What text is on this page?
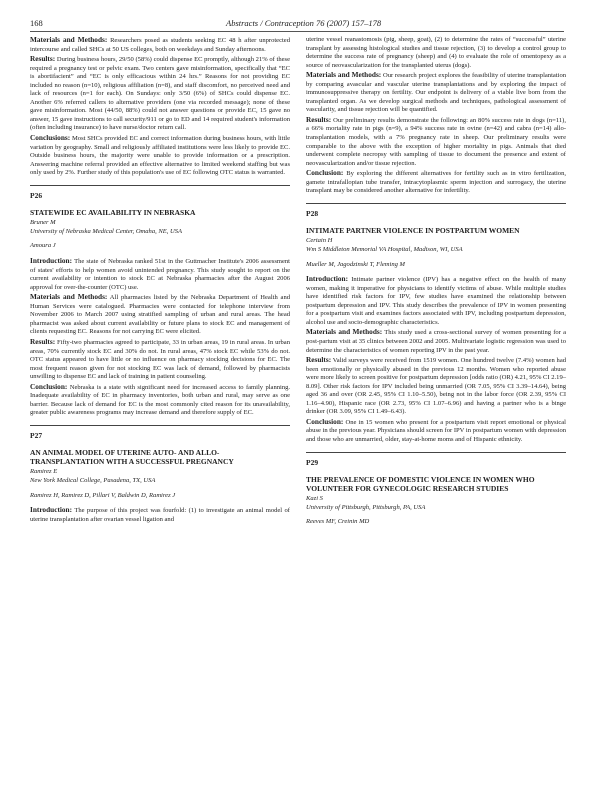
168	Abstracts / Contraception 76 (2007) 157–178

Materials and Methods: Researchers posed as students seeking EC 48 h after unprotected intercourse and called SHCs at 50 US colleges, both on weekdays and Sunday afternoons.

Results: During business hours, 29/50 (58%) could dispense EC promptly, although 21% of these required a pregnancy test or pelvic exam. Two centers gave misinformation, specifically that “EC is abortifacient” and “EC is only efficacious within 24 hrs.” Reasons for not providing EC included no reason (n=10), religious affiliation (n=8), and staff discomfort, no perceived need and lack of resources (n=1 for each). On Sundays: only 3/50 (6%) of SHCs could dispense EC. Another 6% referred callers to alternative providers (one via recorded message); none of these gave misinformation. Most (44/50, 88%) could not answer questions or provide EC, 15 gave no answer, 15 gave instructions to call security/911 or go to ED and 14 required student's information (often including insurance) to have nurse/doctor return call.

Conclusions: Most SHCs provided EC and correct information during business hours, with little variation by geography. Small and religiously affiliated institutions were less likely to provide EC. Outside business hours, the majority were unable to provide information or a prescription. Answering machine referral provided an effective alternative to limited weekend staffing but was only used by 2%. Further study of this population's use of EC following OTC status is warranted.

P26
STATEWIDE EC AVAILABILITY IN NEBRASKA
Bruner M
University of Nebraska Medical Center, Omaha, NE, USA
Amoura J

Introduction: The state of Nebraska ranked 51st in the Guttmacher Institute's 2006 assessment of states' efforts to help women avoid unintended pregnancy. This study sought to report on the current availability or intention to stock EC at Nebraska pharmacies after the August 2006 approval for over-the-counter (OTC) use.

Materials and Methods: All pharmacies listed by the Nebraska Department of Health and Human Services were catalogued. Pharmacies were contacted for telephone interview from November 2006 to March 2007 using stratified sampling of urban and rural areas. The head pharmacist was asked about current availability or future plans to stock EC and management of clients requesting EC. Reasons for not carrying EC were elicited.

Results: Fifty-two pharmacies agreed to participate, 33 in urban areas, 19 in rural areas. In urban areas, 70% currently stock EC and 30% do not. In rural areas, 47% stock EC while 53% do not. OTC status appeared to have little or no influence on pharmacy stocking decisions for EC. The most frequent reason given for not stocking EC was lack of demand, followed by pharmacists unwilling to dispense EC and lack of training in patient counseling.

Conclusion: Nebraska is a state with significant need for increased access to family planning. Inadequate availability of EC in pharmacy inventories, both urban and rural, may serve as one barrier. Because lack of demand for EC is the most commonly cited reason for its unavailability, greater public awareness programs may increase demand and therefore supply of EC.

P27
AN ANIMAL MODEL OF UTERINE AUTO- AND ALLO-TRANSPLANTATION WITH A SUCCESSFUL PREGNANCY
Ramirez E
New York Medical College, Pasadena, TX, USA
Ramirez H, Ramirez D, Pillari V, Baldwin D, Ramirez J

Introduction: The purpose of this project was fourfold: (1) to investigate an animal model of uterine transplantation after ovarian vessel ligation and

uterine vessel reanastomosis (pig, sheep, goat), (2) to determine the rates of “successful” uterine transplant by assessing histological studies and tissue rejection, (3) to develop a control group to determine the success rate of pregnancy (sheep) and (4) to evaluate the role of omentopexy as a source of neovascularization for the transplanted uterus (dogs).

Materials and Methods: Our research project explores the feasibility of uterine transplantation by comparing avascular and vascular uterine transplantations and by exploring the impact of immunosuppressive therapy on fertility. Our endpoint is delivery of a viable live born from the transplanted organ. As we develop surgical methods and techniques, pathological assessment of vascularity, and tissue rejection will be quantified.

Results: Our preliminary results demonstrate the following: an 80% success rate in dogs (n=11), a 66% mortality rate in pigs (n=9), a 94% success rate in ovine (n=42) and cabra (n=14) allo-transplantation models, with a 7% pregnancy rate in sheep. Our preliminary results were comparable to the above with the exception of higher mortality in pigs. Animals that died underwent complete necropsy with sampling of tissue to document the presence and extent of neovascularization and/or tissue rejection.

Conclusion: By exploring the different alternatives for fertility such as in vitro fertilization, gamete intrafallopian tube transfer, intracytoplasmic sperm injection and surrogacy, the uterine transplant may be considered another alternative for infertility.

P28
INTIMATE PARTNER VIOLENCE IN POSTPARTUM WOMEN
Certain H
Wm S Middleton Memorial VA Hospital, Madison, WI, USA
Mueller M, Jagodzinski T, Fleming M

Introduction: Intimate partner violence (IPV) has a negative effect on the health of many women, making it imperative for physicians to identify victims of abuse. While multiple studies have identified risk factors for IPV, few studies have examined the relationship between postpartum depression and IPV. This study describes the prevalence of IPV in women presenting for a postpartum visit and examines factors associated with IPV, including postpartum depression, alcohol use and socio-demographic characteristics.

Materials and Methods: This study used a cross-sectional survey of women presenting for a post-partum visit at 35 clinics between 2002 and 2005. Multivariate logistic regression was used to determine the characteristics of women reporting IPV in the past year.

Results: Valid surveys were received from 1519 women. One hundred twelve (7.4%) women had been emotionally or physically abused in the previous 12 months. Women who reported abuse were more likely to screen positive for postpartum depression [odds ratio (OR) 4.21, 95% CI 2.19–8.09]. Other risk factors for IPV included being unmarried (OR 7.05, 95% CI 3.39–14.64), being aged 36 and over (OR 2.45, 95% CI 1.10–5.50), being not in the labor force (OR 2.39, 95% CI 1.16–4.90), Hispanic race (OR 2.73, 95% CI 1.07–6.96) and having a partner who is a binge drinker (OR 3.09, 95% CI 1.49–6.43).

Conclusion: One in 15 women who present for a postpartum visit report emotional or physical abuse in the previous year. Physicians should screen for IPV in postpartum women with depression and those who are unmarried, older, stay-at-home moms and of Hispanic ethnicity.

P29
THE PREVALENCE OF DOMESTIC VIOLENCE IN WOMEN WHO VOLUNTEER FOR GYNECOLOGIC RESEARCH STUDIES
Kazi S
University of Pittsburgh, Pittsburgh, PA, USA
Reeves MF, Creinin MD
